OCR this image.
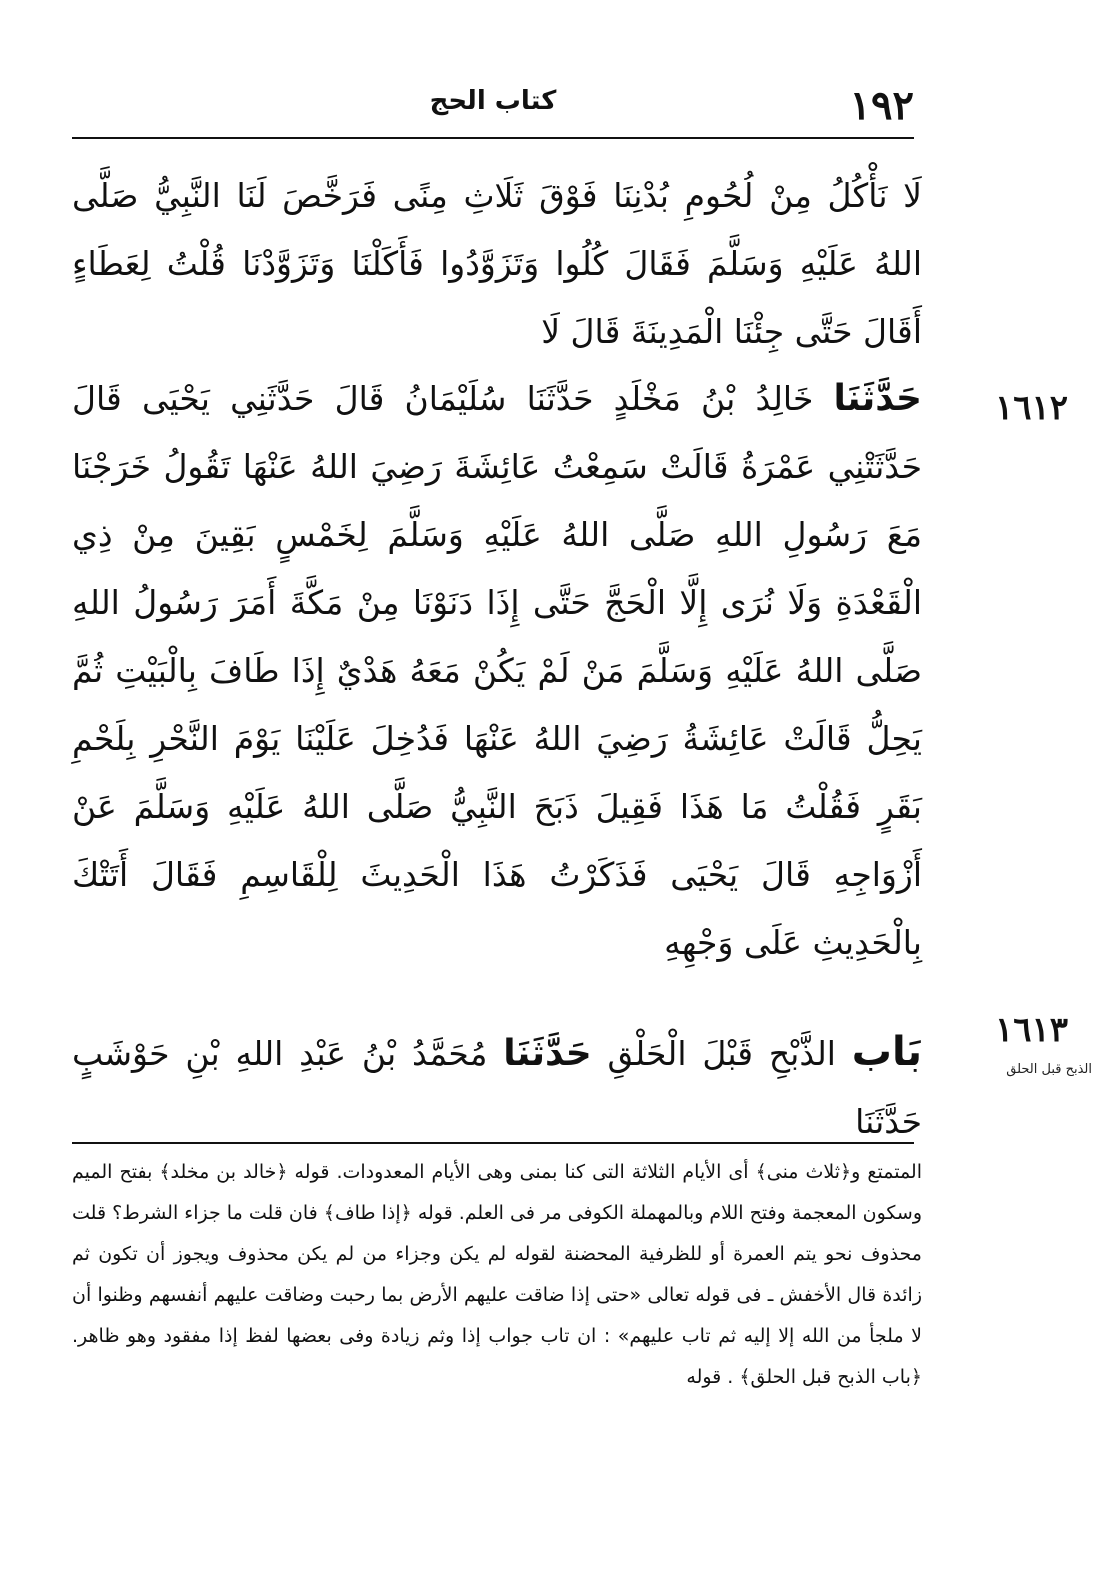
١٩٢
كتاب الحج
لَا نَأْكُلُ مِنْ لُحُومِ بُدْنِنَا فَوْقَ ثَلَاثِ مِنًى فَرَخَّصَ لَنَا النَّبِيُّ صَلَّى اللهُ عَلَيْهِ وَسَلَّمَ فَقَالَ كُلُوا وَتَزَوَّدُوا فَأَكَلْنَا وَتَزَوَّدْنَا قُلْتُ لِعَطَاءٍ أَقَالَ حَتَّى جِئْنَا الْمَدِينَةَ قَالَ لَا
١٦١٢
حَدَّثَنَا خَالِدُ بْنُ مَخْلَدٍ حَدَّثَنَا سُلَيْمَانُ قَالَ حَدَّثَنِي يَحْيَى قَالَ حَدَّثَتْنِي عَمْرَةُ قَالَتْ سَمِعْتُ عَائِشَةَ رَضِيَ اللهُ عَنْهَا تَقُولُ خَرَجْنَا مَعَ رَسُولِ اللهِ صَلَّى اللهُ عَلَيْهِ وَسَلَّمَ لِخَمْسٍ بَقِينَ مِنْ ذِي الْقَعْدَةِ وَلَا نُرَى إِلَّا الْحَجَّ حَتَّى إِذَا دَنَوْنَا مِنْ مَكَّةَ أَمَرَ رَسُولُ اللهِ صَلَّى اللهُ عَلَيْهِ وَسَلَّمَ مَنْ لَمْ يَكُنْ مَعَهُ هَدْيٌ إِذَا طَافَ بِالْبَيْتِ ثُمَّ يَحِلُّ قَالَتْ عَائِشَةُ رَضِيَ اللهُ عَنْهَا فَدُخِلَ عَلَيْنَا يَوْمَ النَّحْرِ بِلَحْمِ بَقَرٍ فَقُلْتُ مَا هَذَا فَقِيلَ ذَبَحَ النَّبِيُّ صَلَّى اللهُ عَلَيْهِ وَسَلَّمَ عَنْ أَزْوَاجِهِ قَالَ يَحْيَى فَذَكَرْتُ هَذَا الْحَدِيثَ لِلْقَاسِمِ فَقَالَ أَتَتْكَ بِالْحَدِيثِ عَلَى وَجْهِهِ
١٦١٣
الذبح قبل الحلق
بَاب الذَّبْحِ قَبْلَ الْحَلْقِ حَدَّثَنَا مُحَمَّدُ بْنُ عَبْدِ اللهِ بْنِ حَوْشَبٍ حَدَّثَنَا
المتمتع و﴿ثلاث منى﴾ أى الأيام الثلاثة التى كنا بمنى وهى الأيام المعدودات. قوله ﴿خالد بن مخلد﴾ بفتح الميم وسكون المعجمة وفتح اللام وبالمهملة الكوفى مر فى العلم. قوله ﴿إذا طاف﴾ فان قلت ما جزاء الشرط؟ قلت محذوف نحو يتم العمرة أو للظرفية المحضنة لقوله لم يكن وجزاء من لم يكن محذوف ويجوز أن تكون ثم زائدة قال الأخفش ـ فى قوله تعالى «حتى إذا ضاقت عليهم الأرض بما رحبت وضاقت عليهم أنفسهم وظنوا أن لا ملجأ من الله إلا إليه ثم تاب عليهم» : ان تاب جواب إذا وثم زيادة وفى بعضها لفظ إذا مفقود وهو ظاهر. ﴿باب الذبح قبل الحلق﴾ . قوله
